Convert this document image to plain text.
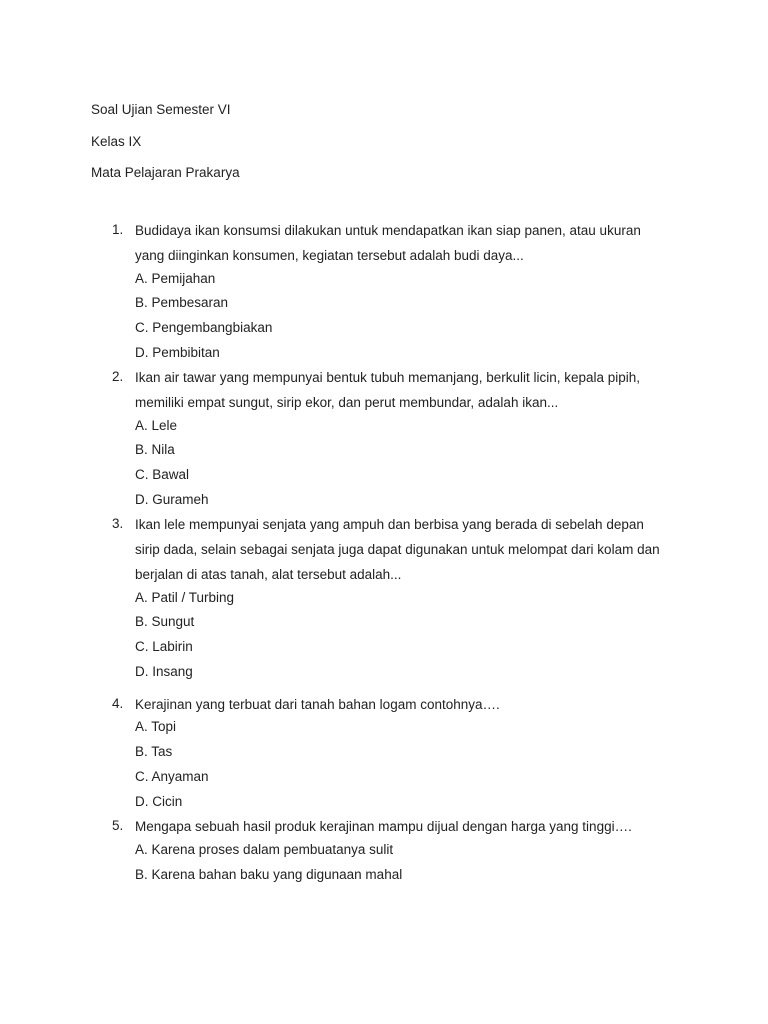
Soal Ujian Semester VI

Kelas IX

Mata Pelajaran Prakarya

1. Budidaya ikan konsumsi dilakukan untuk mendapatkan ikan siap panen, atau ukuran
yang diinginkan konsumen, kegiatan tersebut adalah budi daya...
A. Pemijahan
B. Pembesaran
C. Pengembangbiakan
D. Pembibitan
2. Ikan air tawar yang mempunyai bentuk tubuh memanjang, berkulit licin, kepala pipih,
memiliki empat sungut, sirip ekor, dan perut membundar, adalah ikan...
A. Lele
B. Nila
C. Bawal
D. Gurameh
3. Ikan lele mempunyai senjata yang ampuh dan berbisa yang berada di sebelah depan
sirip dada, selain sebagai senjata juga dapat digunakan untuk melompat dari kolam dan
berjalan di atas tanah, alat tersebut adalah...
A. Patil / Turbing
B. Sungut
C. Labirin
D. Insang
4. Kerajinan yang terbuat dari tanah bahan logam contohnya….
A. Topi
B. Tas
C. Anyaman
D. Cicin
5. Mengapa sebuah hasil produk kerajinan mampu dijual dengan harga yang tinggi….
A. Karena proses dalam pembuatanya sulit
B. Karena bahan baku yang digunaan mahal
